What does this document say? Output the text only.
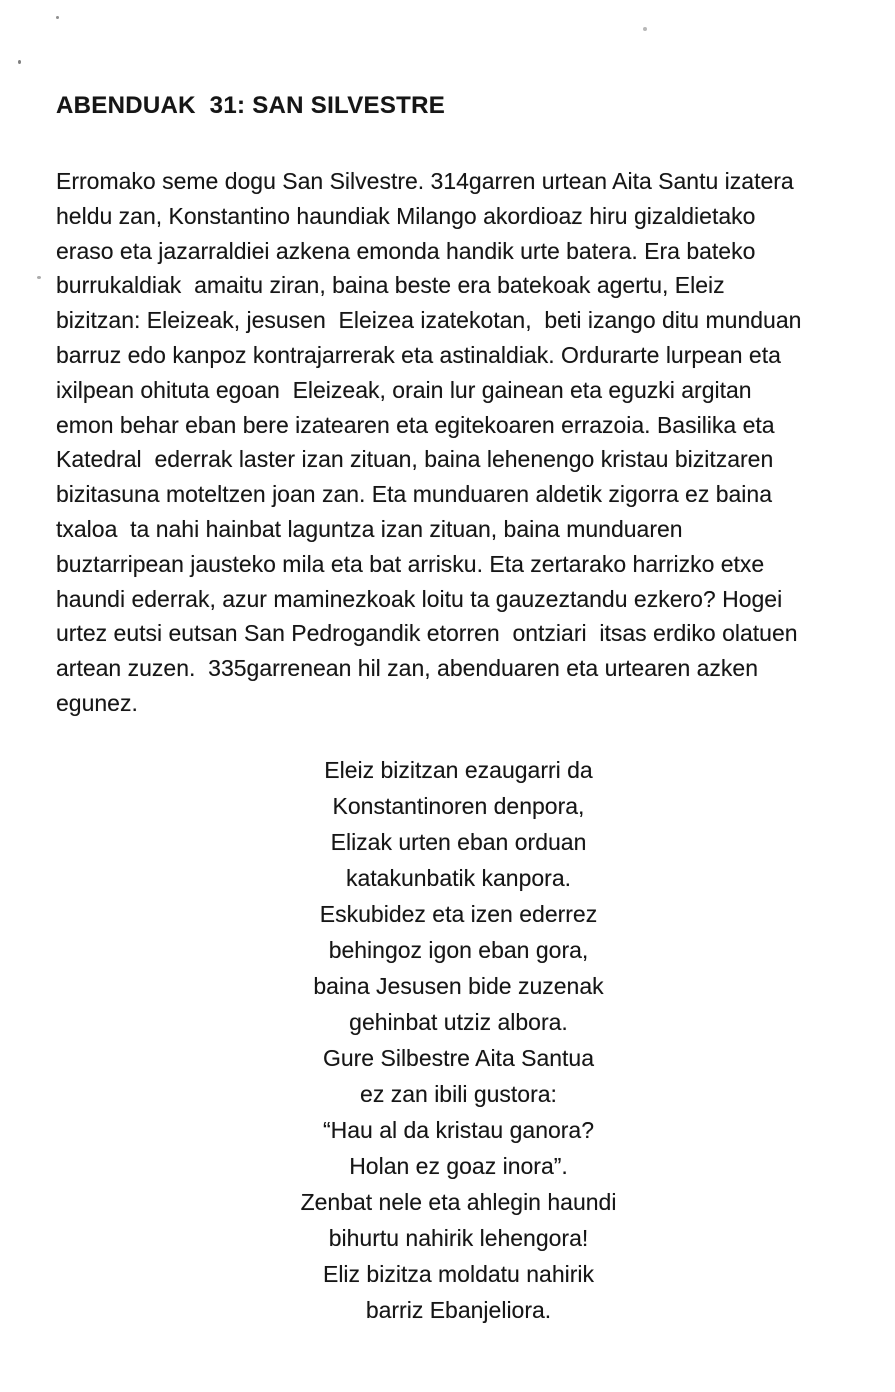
ABENDUAK  31: SAN SILVESTRE
Erromako seme dogu San Silvestre. 314garren urtean Aita Santu izatera
heldu zan, Konstantino haundiak Milango akordioaz hiru gizaldietako
eraso eta jazarraldiei azkena emonda handik urte batera. Era bateko
burrukaldiak  amaitu ziran, baina beste era batekoak agertu, Eleiz
bizitzan: Eleizeak, jesusen  Eleizea izatekotan,  beti izango ditu munduan
barruz edo kanpoz kontrajarrerak eta astinaldiak. Ordurarte lurpean eta
ixilpean ohituta egoan  Eleizeak, orain lur gainean eta eguzki argitan
emon behar eban bere izatearen eta egitekoaren errazoia. Basilika eta
Katedral  ederrak laster izan zituan, baina lehenengo kristau bizitzaren
bizitasuna moteltzen joan zan. Eta munduaren aldetik zigorra ez baina
txaloa  ta nahi hainbat laguntza izan zituan, baina munduaren
buztarripean jausteko mila eta bat arrisku. Eta zertarako harrizko etxe
haundi ederrak, azur maminezkoak loitu ta gauzeztandu ezkero? Hogei
urtez eutsi eutsan San Pedrogandik etorren  ontziari  itsas erdiko olatuen
artean zuzen.  335garrenean hil zan, abenduaren eta urtearen azken
egunez.
Eleiz bizitzan ezaugarri da
Konstantinoren denpora,
Elizak urten eban orduan
katakunbatik kanpora.
Eskubidez eta izen ederrez
behingoz igon eban gora,
baina Jesusen bide zuzenak
gehinbat utziz albora.
Gure Silbestre Aita Santua
ez zan ibili gustora:
“Hau al da kristau ganora?
Holan ez goaz inora”.
Zenbat nele eta ahlegin haundi
bihurtu nahirik lehengora!
Eliz bizitza moldatu nahirik
barriz Ebanjeliora.
